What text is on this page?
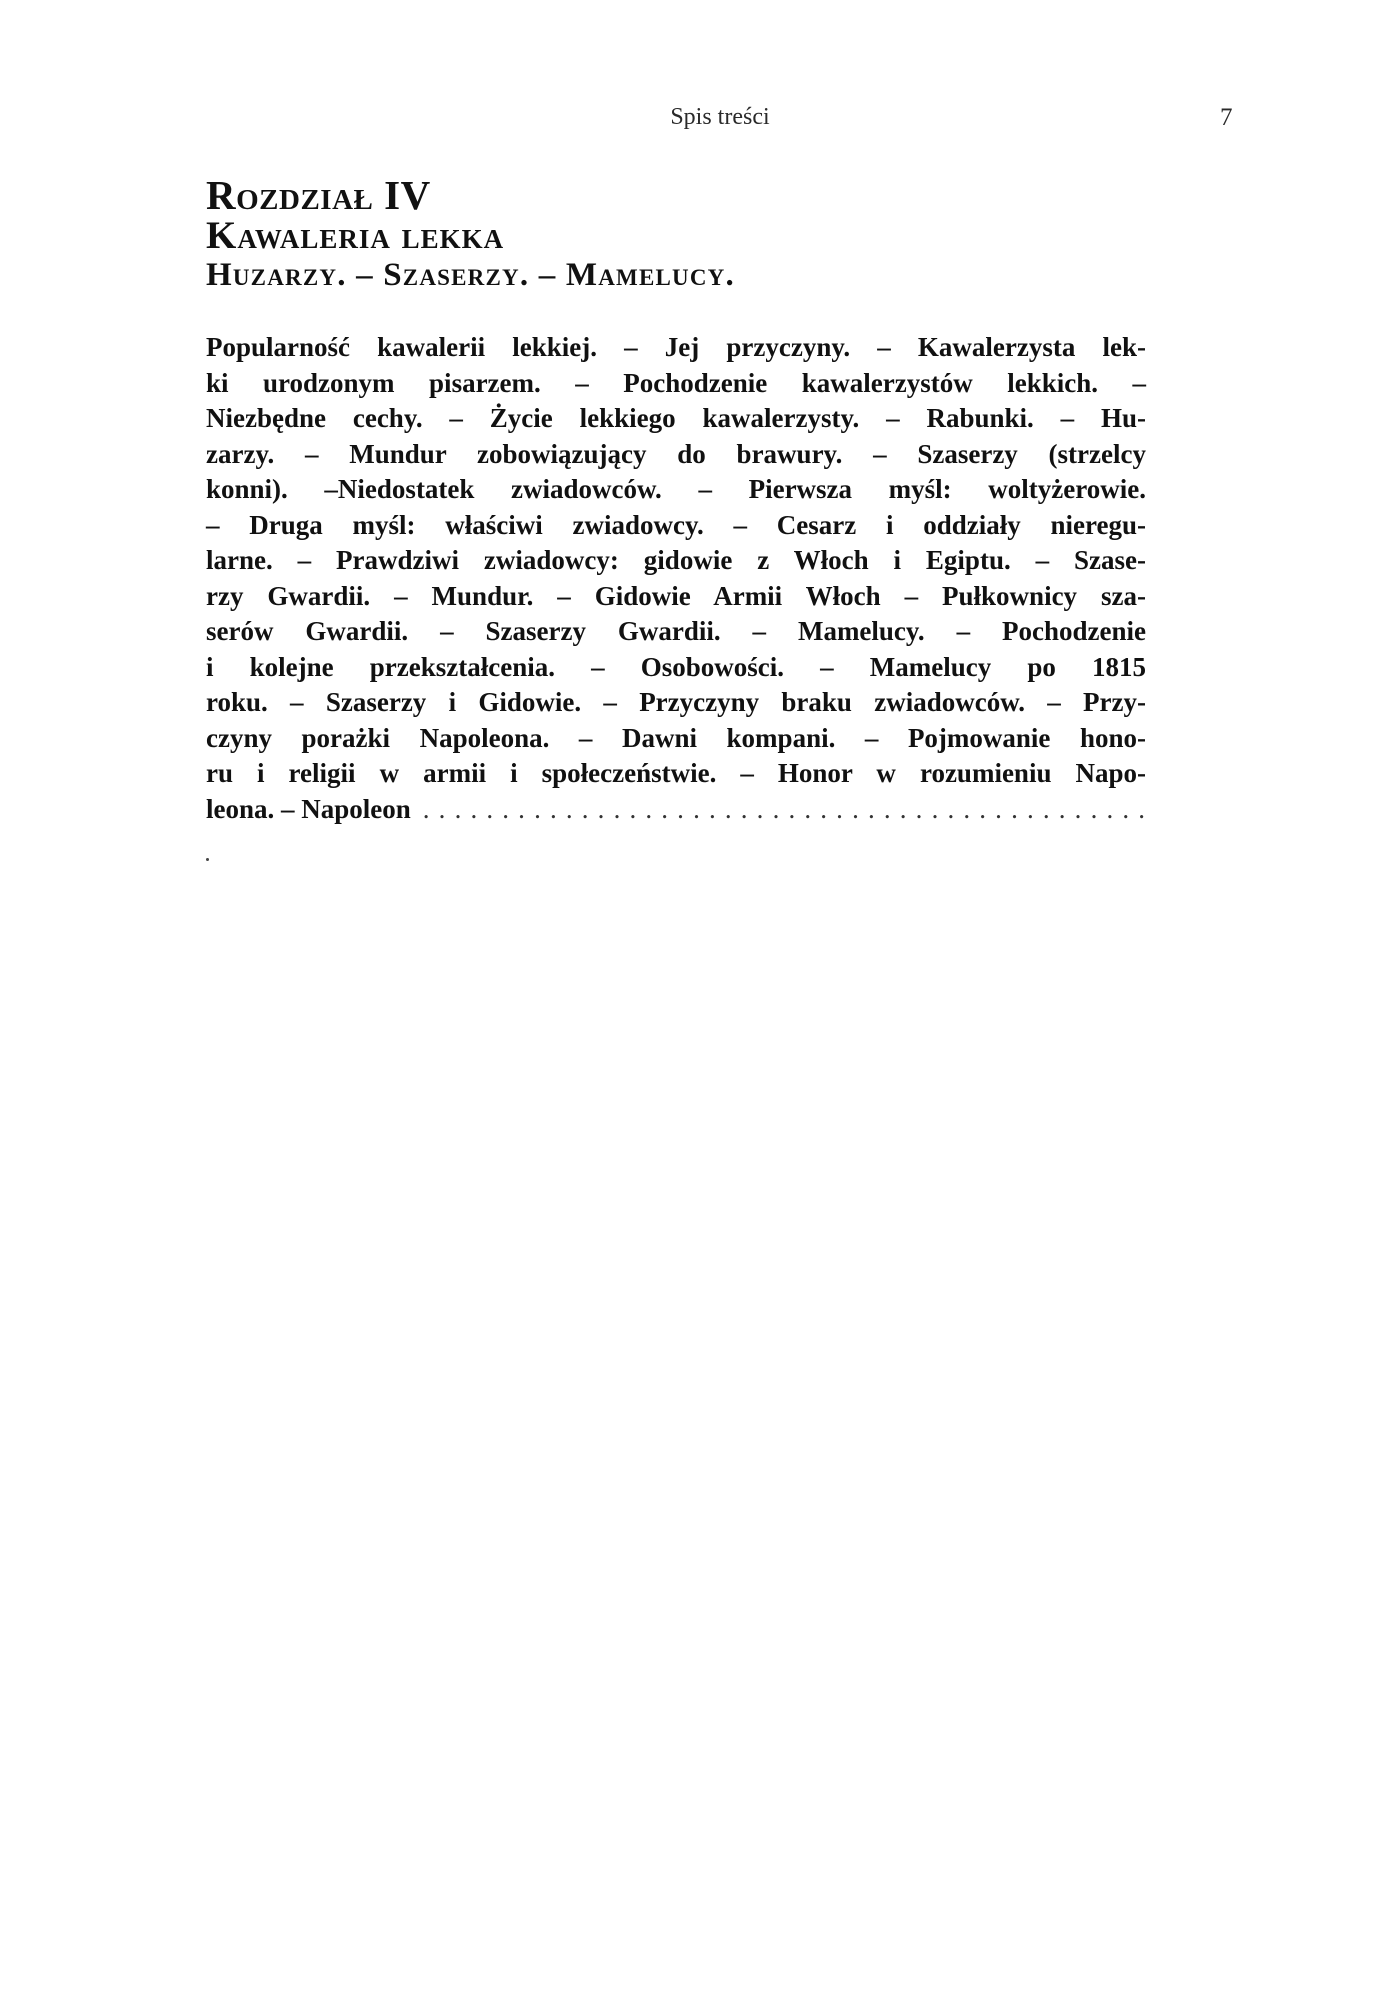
Spis treści	7

Rozdział IV

Kawaleria lekka

Huzarzy. – Szaserzy. – Mamelucy.

Popularność kawalerii lekkiej. – Jej przyczyny. – Kawalerzysta lek-
ki urodzonym pisarzem. – Pochodzenie kawalerzystów lekkich. –
Niezbędne cechy. – Życie lekkiego kawalerzysty. – Rabunki. – Hu-
zarzy. – Mundur zobowiązujący do brawury. – Szaserzy (strzelcy
konni). –Niedostatek zwiadowców. – Pierwsza myśl: woltyżerowie.
– Druga myśl: właściwi zwiadowcy. – Cesarz i oddziały nieregu-
larne. – Prawdziwi zwiadowcy: gidowie z Włoch i Egiptu. – Szase-
rzy Gwardii. – Mundur. – Gidowie Armii Włoch – Pułkownicy sza-
serów Gwardii. – Szaserzy Gwardii. – Mamelucy. – Pochodzenie
i kolejne przekształcenia. – Osobowości. – Mamelucy po 1815
roku. – Szaserzy i Gidowie. – Przyczyny braku zwiadowców. – Przy-
czyny porażki Napoleona. – Dawni kompani. – Pojmowanie hono-
ru i religii w armii i społeczeństwie. – Honor w rozumieniu Napo-
leona. – Napoleon
. . .
